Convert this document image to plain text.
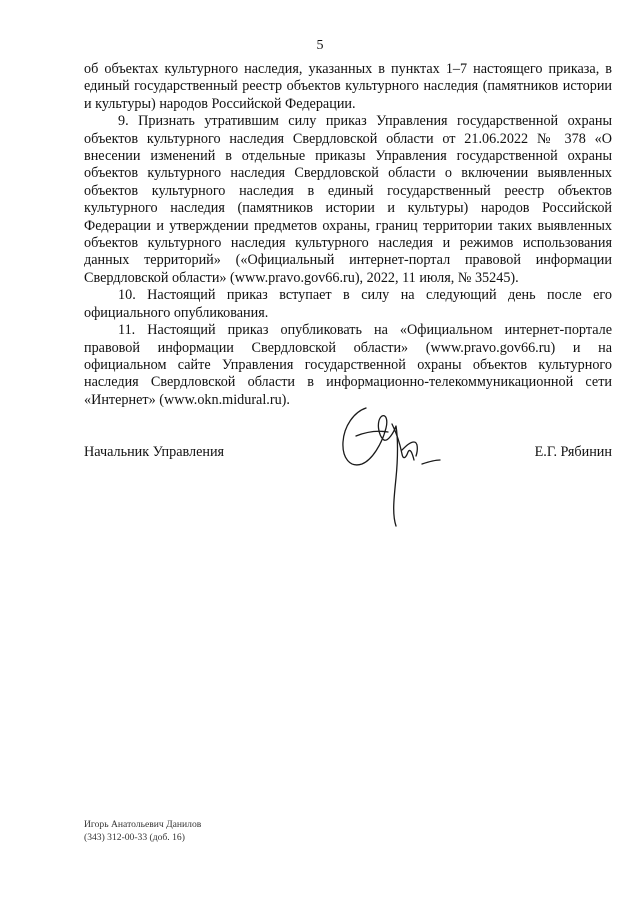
5

об объектах культурного наследия, указанных в пунктах 1–7 настоящего приказа, в единый государственный реестр объектов культурного наследия (памятников истории и культуры) народов Российской Федерации.

9. Признать утратившим силу приказ Управления государственной охраны объектов культурного наследия Свердловской области от 21.06.2022 № 378 «О внесении изменений в отдельные приказы Управления государственной охраны объектов культурного наследия Свердловской области о включении выявленных объектов культурного наследия в единый государственный реестр объектов культурного наследия (памятников истории и культуры) народов Российской Федерации и утверждении предметов охраны, границ территории таких выявленных объектов культурного наследия культурного наследия и режимов использования данных территорий» («Официальный интернет-портал правовой информации Свердловской области» (www.pravo.gov66.ru), 2022, 11 июля, № 35245).

10. Настоящий приказ вступает в силу на следующий день после его официального опубликования.

11. Настоящий приказ опубликовать на «Официальном интернет-портале правовой информации Свердловской области» (www.pravo.gov66.ru) и на официальном сайте Управления государственной охраны объектов культурного наследия Свердловской области в информационно-телекоммуникационной сети «Интернет» (www.okn.midural.ru).

Начальник Управления	Е.Г. Рябинин
Игорь Анатольевич Данилов
(343) 312-00-33 (доб. 16)
